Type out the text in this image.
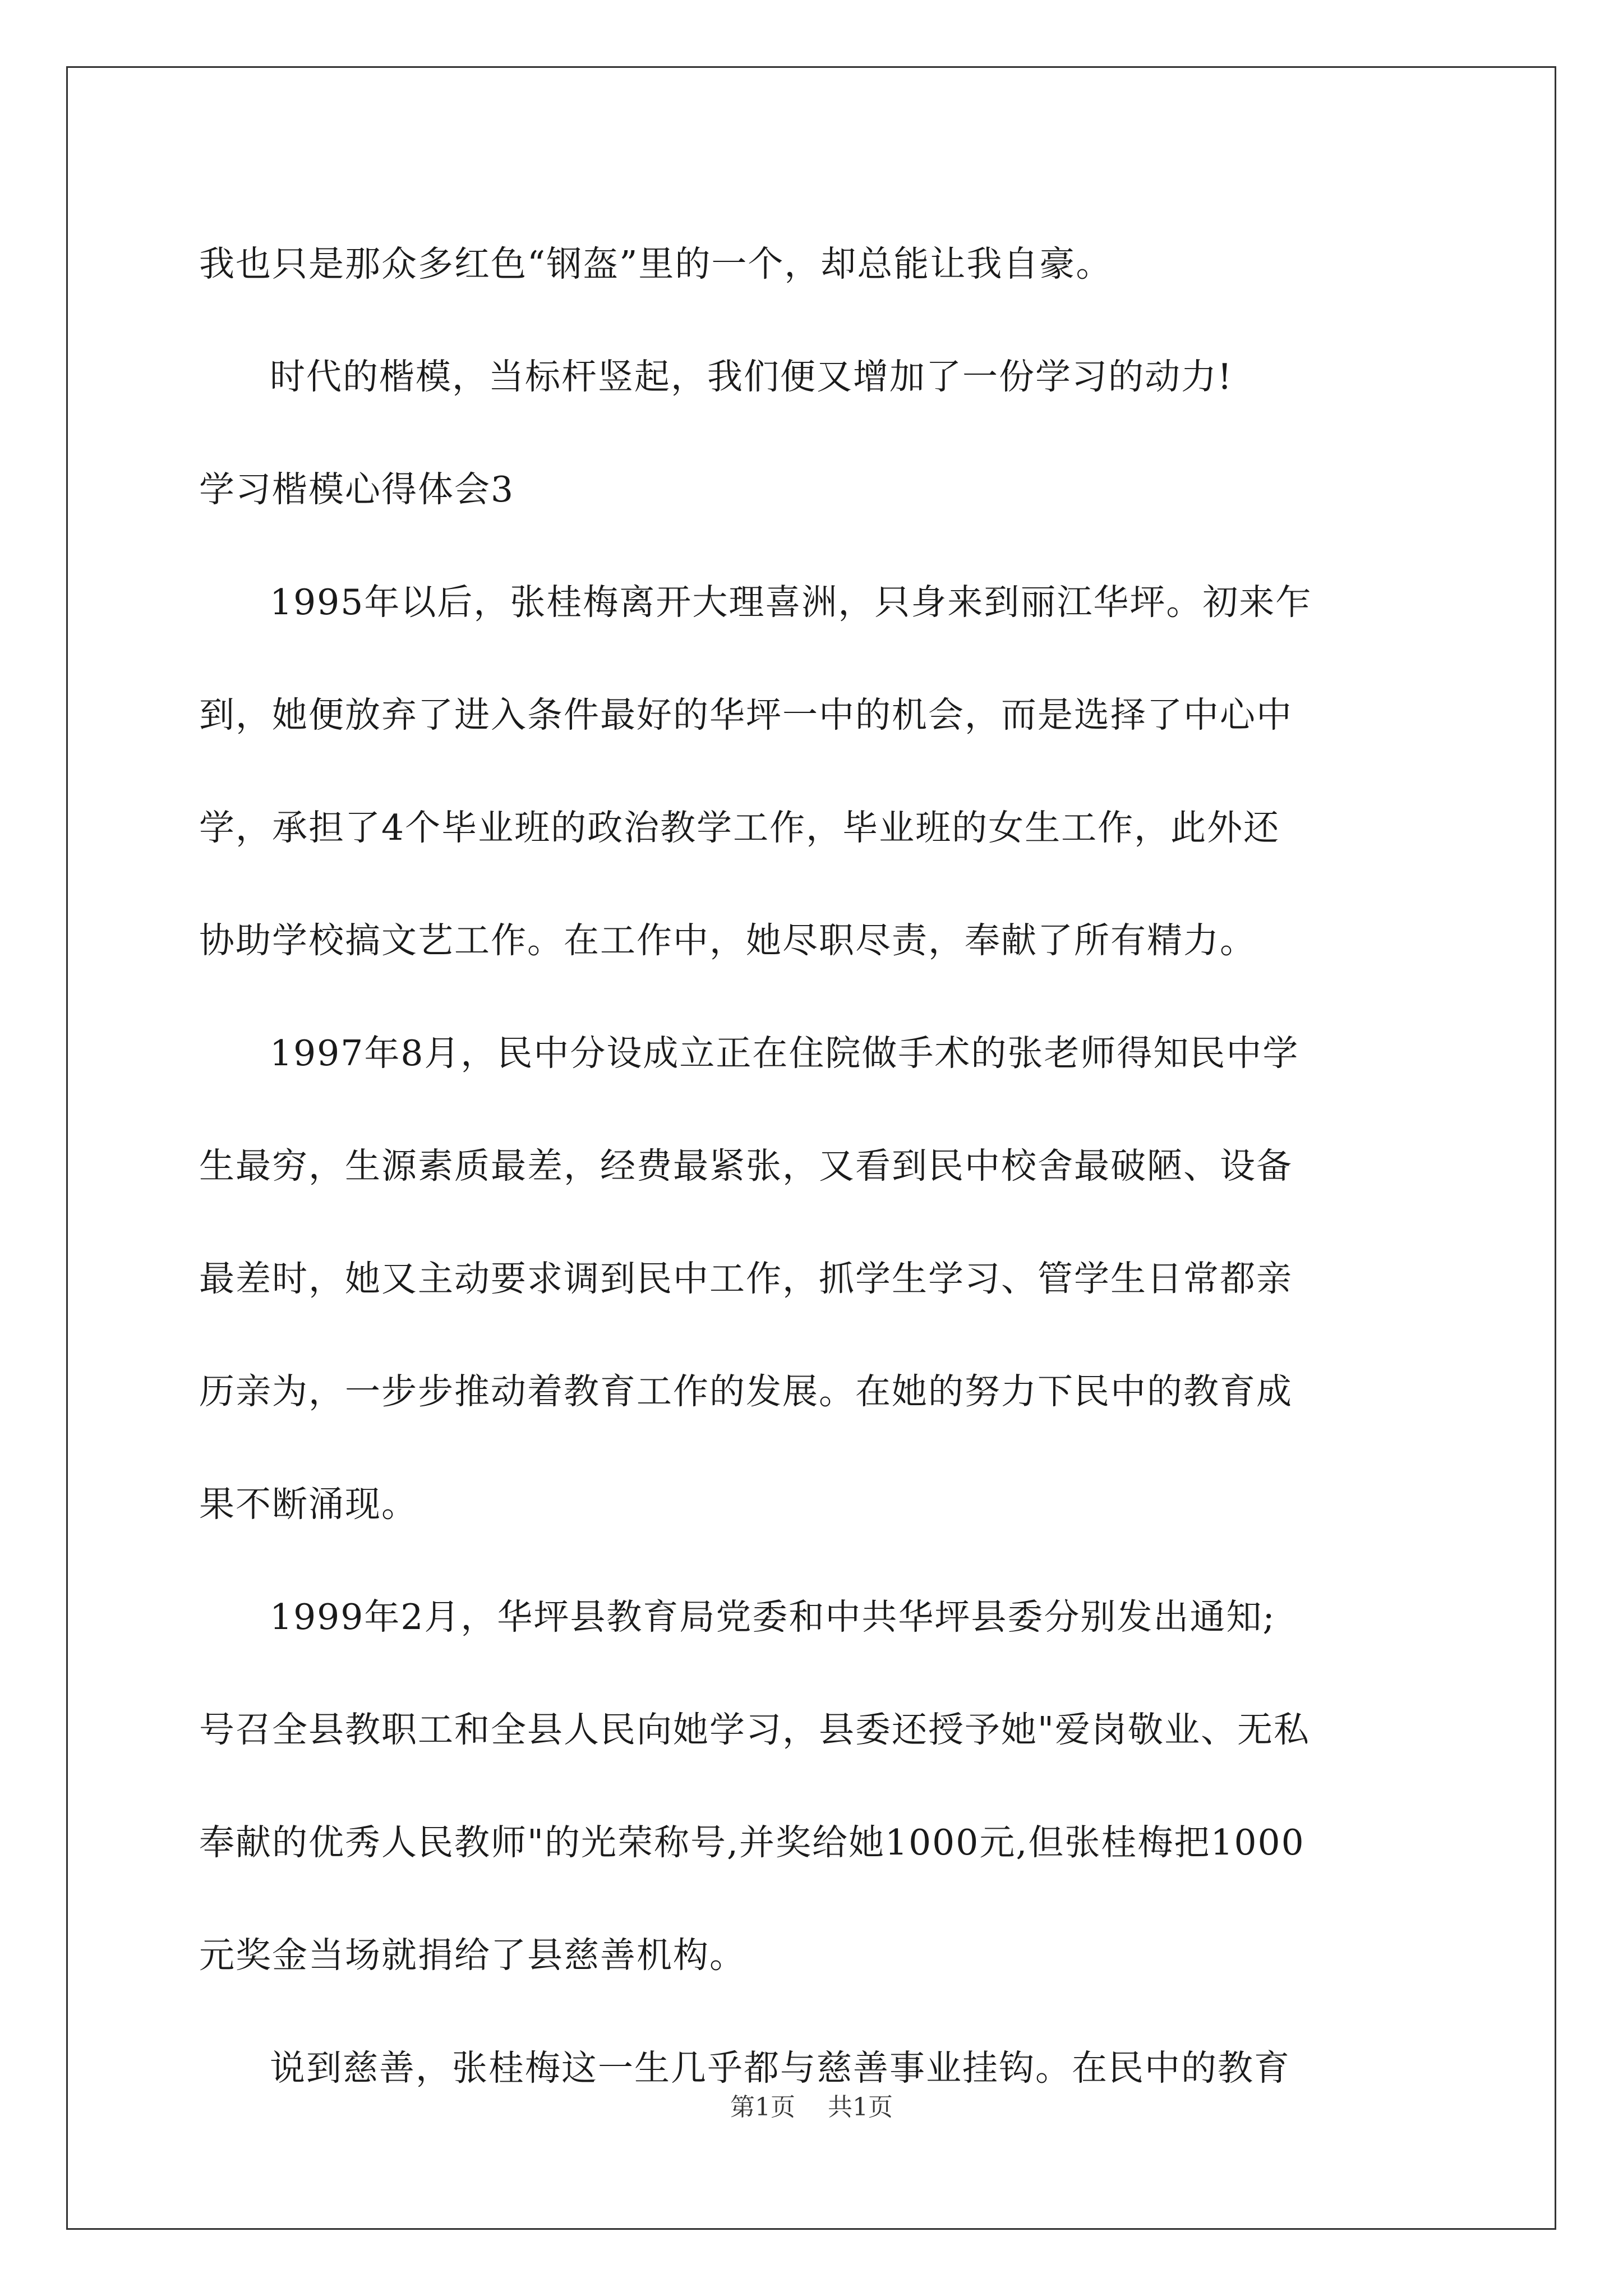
我也只是那众多红色“钢盔”里的一个，却总能让我自豪。
时代的楷模，当标杆竖起，我们便又增加了一份学习的动力!
学习楷模心得体会3
1995年以后，张桂梅离开大理喜洲，只身来到丽江华坪。初来乍
到，她便放弃了进入条件最好的华坪一中的机会，而是选择了中心中
学，承担了4个毕业班的政治教学工作，毕业班的女生工作，此外还
协助学校搞文艺工作。在工作中，她尽职尽责，奉献了所有精力。
1997年8月，民中分设成立正在住院做手术的张老师得知民中学
生最穷，生源素质最差，经费最紧张，又看到民中校舍最破陋、设备
最差时，她又主动要求调到民中工作，抓学生学习、管学生日常都亲
历亲为，一步步推动着教育工作的发展。在她的努力下民中的教育成
果不断涌现。
1999年2月，华坪县教育局党委和中共华坪县委分别发出通知;
号召全县教职工和全县人民向她学习，县委还授予她"爱岗敬业、无私
奉献的优秀人民教师"的光荣称号,并奖给她1000元,但张桂梅把1000
元奖金当场就捐给了县慈善机构。
说到慈善，张桂梅这一生几乎都与慈善事业挂钩。在民中的教育
第1页 共1页
